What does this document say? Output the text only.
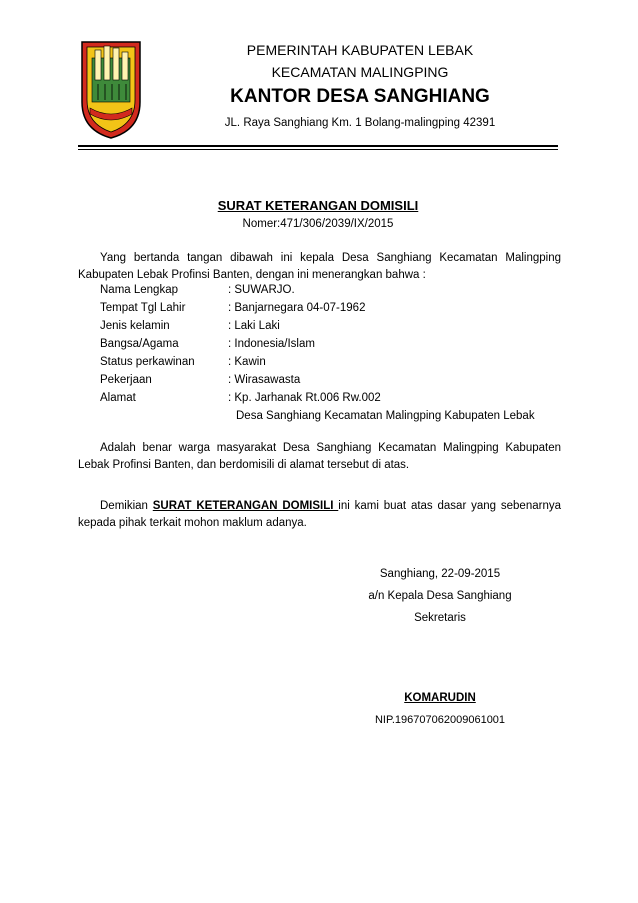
PEMERINTAH KABUPATEN LEBAK
KECAMATAN MALINGPING
KANTOR DESA SANGHIANG
JL. Raya Sanghiang Km. 1 Bolang-malingping 42391
SURAT KETERANGAN DOMISILI
Nomer:471/306/2039/IX/2015
Yang bertanda tangan dibawah ini kepala Desa Sanghiang Kecamatan Malingping Kabupaten Lebak Profinsi Banten, dengan ini menerangkan bahwa :
Nama Lengkap	: SUWARJO.
Tempat Tgl Lahir	: Banjarnegara 04-07-1962
Jenis kelamin	: Laki Laki
Bangsa/Agama	: Indonesia/Islam
Status perkawinan	: Kawin
Pekerjaan	: Wirasawasta
Alamat	: Kp. Jarhanak Rt.006 Rw.002
Desa Sanghiang Kecamatan Malingping Kabupaten Lebak
Adalah benar warga masyarakat Desa Sanghiang Kecamatan Malingping Kabupaten Lebak Profinsi Banten, dan berdomisili di alamat tersebut di atas.
Demikian SURAT KETERANGAN DOMISILI ini kami buat atas dasar yang sebenarnya kepada pihak terkait mohon maklum adanya.
Sanghiang, 22-09-2015
a/n Kepala Desa Sanghiang
Sekretaris
KOMARUDIN
NIP.196707062009061001
